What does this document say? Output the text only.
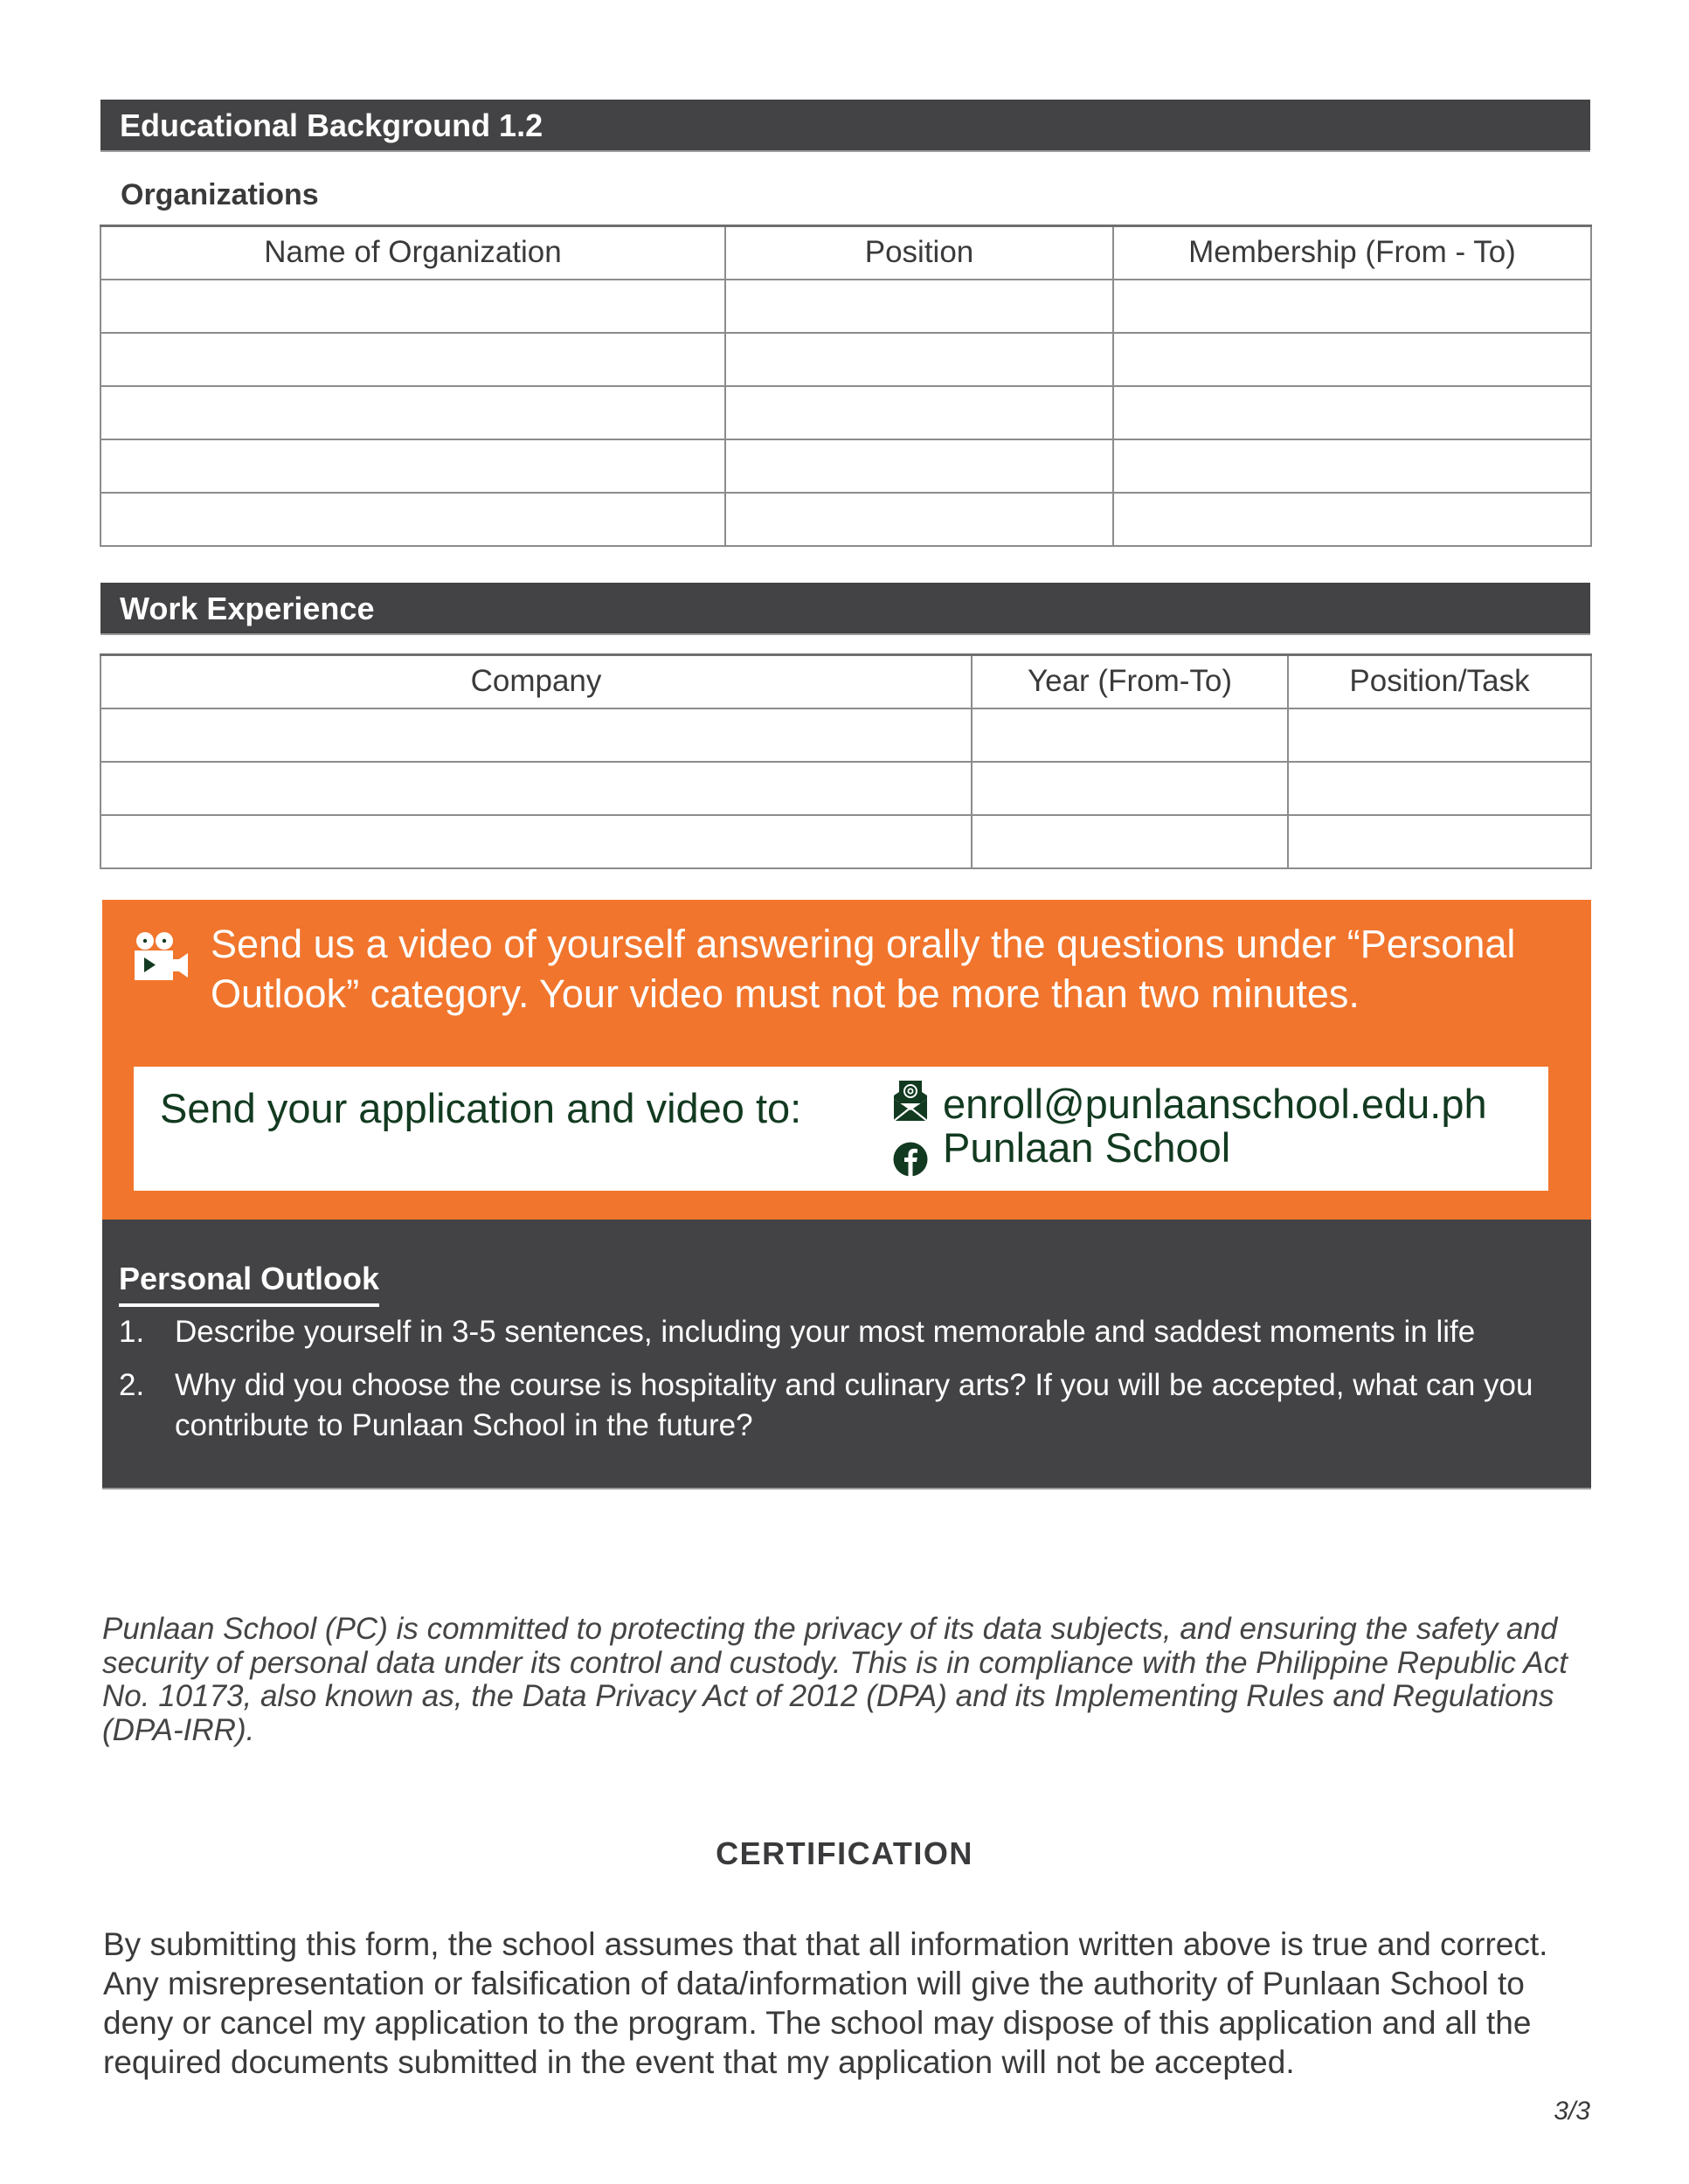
Educational Background 1.2
Organizations
Name of Organization	Position	Membership (From - To)

Work Experience
Company	Year (From-To)	Position/Task

Send us a video of yourself answering orally the questions under “Personal Outlook” category. Your video must not be more than two minutes.
Send your application and video to:	enroll@punlaanschool.edu.ph
Punlaan School
Personal Outlook
1. Describe yourself in 3-5 sentences, including your most memorable and saddest moments in life
2. Why did you choose the course is hospitality and culinary arts? If you will be accepted, what can you contribute to Punlaan School in the future?
Punlaan School (PC) is committed to protecting the privacy of its data subjects, and ensuring the safety and security of personal data under its control and custody. This is in compliance with the Philippine Republic Act No. 10173, also known as, the Data Privacy Act of 2012 (DPA) and its Implementing Rules and Regulations (DPA-IRR).
CERTIFICATION
By submitting this form, the school assumes that that all information written above is true and correct. Any misrepresentation or falsification of data/information will give the authority of Punlaan School to deny or cancel my application to the program. The school may dispose of this application and all the required documents submitted in the event that my application will not be accepted.
3/3
